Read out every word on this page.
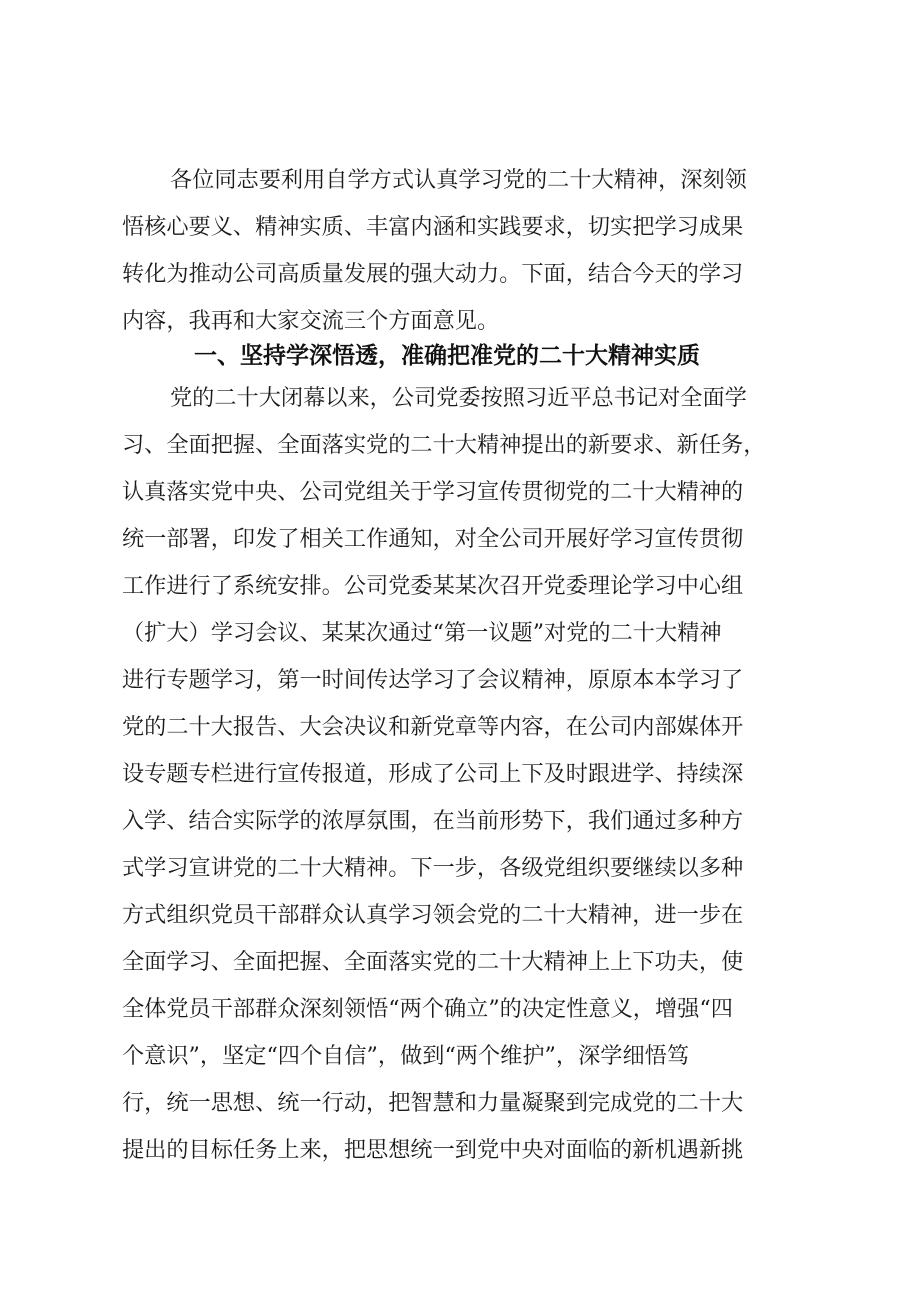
各位同志要利用自学方式认真学习党的二十大精神，深刻领
悟核心要义、精神实质、丰富内涵和实践要求，切实把学习成果
转化为推动公司高质量发展的强大动力。下面，结合今天的学习
内容，我再和大家交流三个方面意见。
一、坚持学深悟透，准确把准党的二十大精神实质
党的二十大闭幕以来，公司党委按照习近平总书记对全面学
习、全面把握、全面落实党的二十大精神提出的新要求、新任务，
认真落实党中央、公司党组关于学习宣传贯彻党的二十大精神的
统一部署，印发了相关工作通知，对全公司开展好学习宣传贯彻
工作进行了系统安排。公司党委某某次召开党委理论学习中心组
（扩大）学习会议、某某次通过“第一议题”对党的二十大精神
进行专题学习，第一时间传达学习了会议精神，原原本本学习了
党的二十大报告、大会决议和新党章等内容，在公司内部媒体开
设专题专栏进行宣传报道，形成了公司上下及时跟进学、持续深
入学、结合实际学的浓厚氛围，在当前形势下，我们通过多种方
式学习宣讲党的二十大精神。下一步，各级党组织要继续以多种
方式组织党员干部群众认真学习领会党的二十大精神，进一步在
全面学习、全面把握、全面落实党的二十大精神上上下功夫，使
全体党员干部群众深刻领悟“两个确立”的决定性意义，增强“四
个意识”，坚定“四个自信”，做到“两个维护”，深学细悟笃
行，统一思想、统一行动，把智慧和力量凝聚到完成党的二十大
提出的目标任务上来，把思想统一到党中央对面临的新机遇新挑
